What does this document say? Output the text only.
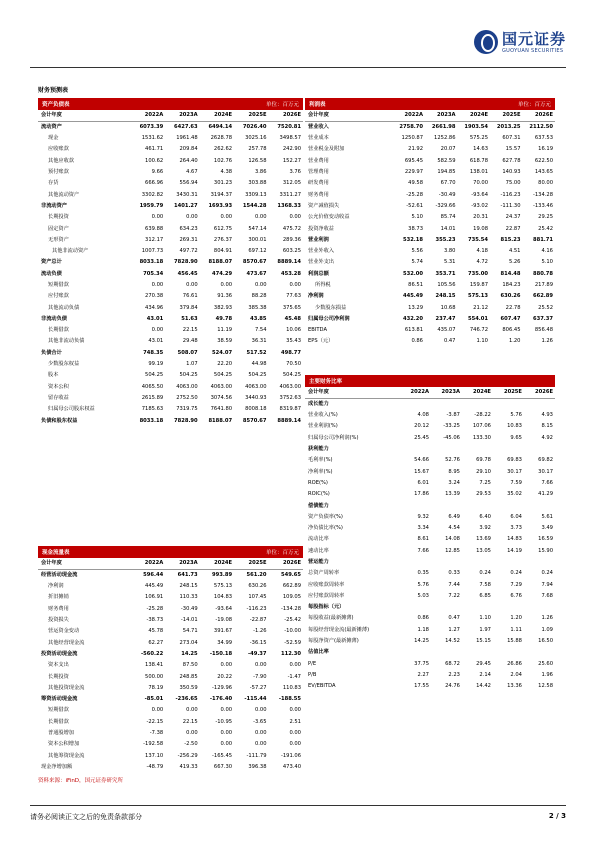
国元证券
GUOYUAN SECURITIES
财务预测表
资产负债表	单位：百万元
会计年度	2022A	2023A	2024E	2025E	2026E
流动资产	6073.39	6427.63	6494.14	7026.40	7520.81
现金	1531.62	1961.48	2628.78	3025.16	3498.57
应收账款	461.71	209.84	262.62	257.78	242.90
其他应收款	100.62	264.40	102.76	126.58	152.27
预付账款	9.66	4.67	4.38	3.86	3.76
存货	666.96	556.94	301.23	303.88	312.05
其他流动资产	3302.82	3430.31	3194.37	3309.13	3311.27
非流动资产	1959.79	1401.27	1693.93	1544.28	1368.33
长期投资	0.00	0.00	0.00	0.00	0.00
固定资产	639.88	634.23	612.75	547.14	475.72
无形资产	312.17	269.31	276.37	300.01	289.36
其他非流动资产	1007.73	497.72	804.91	697.12	603.25
资产总计	8033.18	7828.90	8188.07	8570.67	8889.14
流动负债	705.34	456.45	474.29	473.67	453.28
短期借款	0.00	0.00	0.00	0.00	0.00
应付账款	270.38	76.61	91.36	88.28	77.63
其他流动负债	434.96	379.84	382.93	385.38	375.65
非流动负债	43.01	51.63	49.78	43.85	45.48
长期借款	0.00	22.15	11.19	7.54	10.06
其他非流动负债	43.01	29.48	38.59	36.31	35.43
负债合计	748.35	508.07	524.07	517.52	498.77
少数股东权益	99.19	1.07	22.20	44.98	70.50
股本	504.25	504.25	504.25	504.25	504.25
资本公积	4065.50	4063.00	4063.00	4063.00	4063.00
留存收益	2615.89	2752.50	3074.56	3440.93	3752.63
归属母公司股东权益	7185.63	7319.75	7641.80	8008.18	8319.87
负债和股东权益	8033.18	7828.90	8188.07	8570.67	8889.14
利润表	单位：百万元
会计年度	2022A	2023A	2024E	2025E	2026E
营业收入	2758.70	2661.98	1903.54	2013.25	2112.50
营业成本	1250.87	1252.86	575.25	607.31	637.53
营业税金及附加	21.92	20.07	14.63	15.57	16.19
营业费用	695.45	582.59	618.78	627.78	622.50
管理费用	229.97	194.85	138.01	140.93	143.65
研发费用	49.58	67.70	70.00	75.00	80.00
财务费用	-25.28	-30.49	-93.64	-116.23	-134.28
资产减值损失	-52.61	-329.66	-93.02	-111.30	-133.46
公允价值变动收益	5.10	85.74	20.31	24.37	29.25
投资净收益	38.73	14.01	19.08	22.87	25.42
营业利润	532.18	355.23	735.54	815.23	881.71
营业外收入	5.56	3.80	4.18	4.51	4.16
营业外支出	5.74	5.31	4.72	5.26	5.10
利润总额	532.00	353.71	735.00	814.48	880.78
所得税	86.51	105.56	159.87	184.23	217.89
净利润	445.49	248.15	575.13	630.26	662.89
少数股东损益	13.29	10.68	21.12	22.78	25.52
归属母公司净利润	432.20	237.47	554.01	607.47	637.37
EBITDA	613.81	435.07	746.72	806.45	856.48
EPS（元）	0.86	0.47	1.10	1.20	1.26
主要财务比率
会计年度	2022A	2023A	2024E	2025E	2026E
成长能力					
营业收入(%)	4.08	-3.87	-28.22	5.76	4.93
营业利润(%)	20.12	-33.25	107.06	10.83	8.15
归属母公司净利润(%)	25.45	-45.06	133.30	9.65	4.92
获利能力					
毛利率(%)	54.66	52.76	69.78	69.83	69.82
净利率(%)	15.67	8.95	29.10	30.17	30.17
ROE(%)	6.01	3.24	7.25	7.59	7.66
ROIC(%)	17.86	13.39	29.53	35.02	41.29
偿债能力					
资产负债率(%)	9.32	6.49	6.40	6.04	5.61
净负债比率(%)	3.34	4.54	3.92	3.73	3.49
流动比率	8.61	14.08	13.69	14.83	16.59
速动比率	7.66	12.85	13.05	14.19	15.90
营运能力					
总资产周转率	0.35	0.33	0.24	0.24	0.24
应收账款周转率	5.76	7.44	7.58	7.29	7.94
应付账款周转率	5.03	7.22	6.85	6.76	7.68
每股指标（元）					
每股收益(最新摊薄)	0.86	0.47	1.10	1.20	1.26
每股经营现金流(最新摊薄)	1.18	1.27	1.97	1.11	1.09
每股净资产(最新摊薄)	14.25	14.52	15.15	15.88	16.50
估值比率					
P/E	37.75	68.72	29.45	26.86	25.60
P/B	2.27	2.23	2.14	2.04	1.96
EV/EBITDA	17.55	24.76	14.42	13.36	12.58
现金流量表	单位：百万元
会计年度	2022A	2023A	2024E	2025E	2026E
经营活动现金流	596.44	641.73	993.89	561.20	549.65
净利润	445.49	248.15	575.13	630.26	662.89
折旧摊销	106.91	110.33	104.83	107.45	109.05
财务费用	-25.28	-30.49	-93.64	-116.23	-134.28
投资损失	-38.73	-14.01	-19.08	-22.87	-25.42
营运资金变动	45.78	54.71	391.67	-1.26	-10.00
其他经营现金流	62.27	273.04	34.99	-36.15	-52.59
投资活动现金流	-560.22	14.25	-150.18	-49.37	112.30
资本支出	138.41	87.50	0.00	0.00	0.00
长期投资	500.00	248.85	20.22	-7.90	-1.47
其他投资现金流	78.19	350.59	-129.96	-57.27	110.83
筹资活动现金流	-85.01	-236.65	-176.40	-115.44	-188.55
短期借款	0.00	0.00	0.00	0.00	0.00
长期借款	-22.15	22.15	-10.95	-3.65	2.51
普通股增加	-7.38	0.00	0.00	0.00	0.00
资本公积增加	-192.58	-2.50	0.00	0.00	0.00
其他筹资现金流	137.10	-256.29	-165.45	-111.79	-191.06
现金净增加额	-48.79	419.33	667.30	396.38	473.40
资料来源：iFinD，国元证券研究所
请务必阅读正文之后的免责条款部分	2 / 3
